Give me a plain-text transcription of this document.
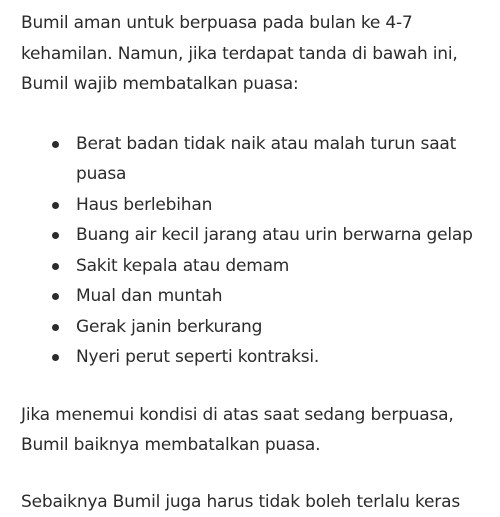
Bumil aman untuk berpuasa pada bulan ke 4-7
kehamilan. Namun, jika terdapat tanda di bawah ini,
Bumil wajib membatalkan puasa:

Berat badan tidak naik atau malah turun saat
puasa
Haus berlebihan
Buang air kecil jarang atau urin berwarna gelap
Sakit kepala atau demam
Mual dan muntah
Gerak janin berkurang
Nyeri perut seperti kontraksi.

Jika menemui kondisi di atas saat sedang berpuasa,
Bumil baiknya membatalkan puasa.

Sebaiknya Bumil juga harus tidak boleh terlalu keras
